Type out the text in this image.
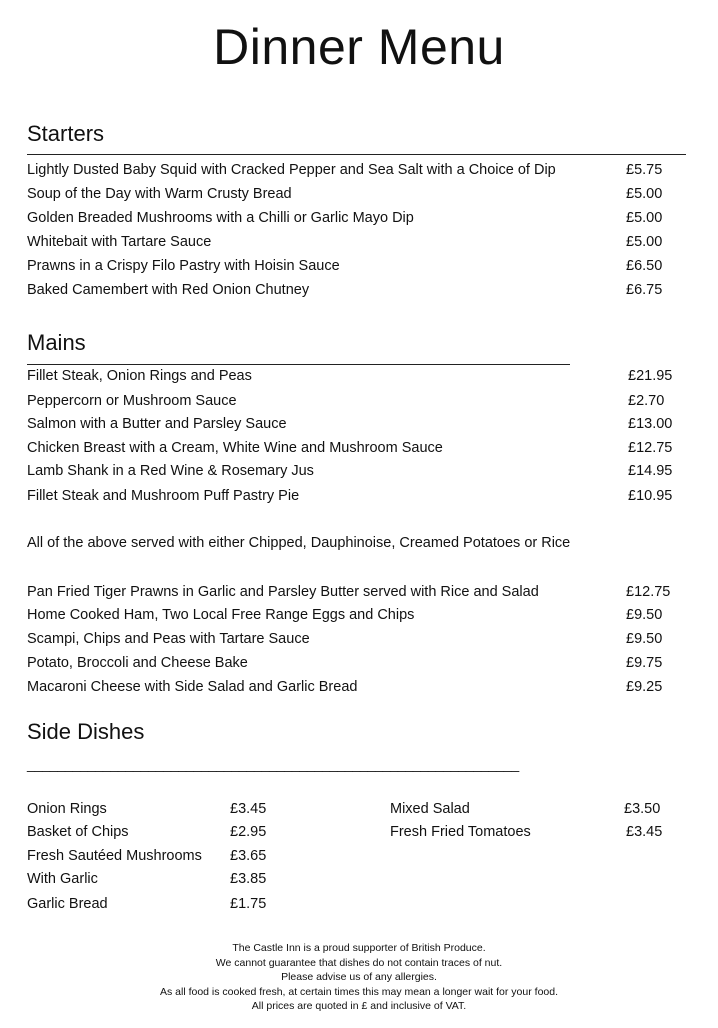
Dinner Menu
Starters
Lightly Dusted Baby Squid with Cracked Pepper and Sea Salt with a Choice of Dip	£5.75
Soup of the Day with Warm Crusty Bread	£5.00
Golden Breaded Mushrooms with a Chilli or Garlic Mayo Dip	£5.00
Whitebait with Tartare Sauce	£5.00
Prawns in a Crispy Filo Pastry with Hoisin Sauce	£6.50
Baked Camembert with Red Onion Chutney	£6.75
Mains
Fillet Steak, Onion Rings and Peas	£21.95
Peppercorn or Mushroom Sauce	£2.70
Salmon with a Butter and Parsley Sauce	£13.00
Chicken Breast with a Cream, White Wine and Mushroom Sauce	£12.75
Lamb Shank in a Red Wine & Rosemary Jus	£14.95
Fillet Steak and Mushroom Puff Pastry Pie	£10.95
All of the above served with either Chipped, Dauphinoise, Creamed Potatoes or Rice
Pan Fried Tiger Prawns in Garlic and Parsley Butter served with Rice and Salad	£12.75
Home Cooked Ham, Two Local Free Range Eggs and Chips	£9.50
Scampi, Chips and Peas with Tartare Sauce	£9.50
Potato, Broccoli and Cheese Bake	£9.75
Macaroni Cheese with Side Salad and Garlic Bread	£9.25
Side Dishes
_________________________________________________________________
Onion Rings	£3.45
Basket of Chips	£2.95
Fresh Sautéed Mushrooms £3.65
With Garlic	£3.85
Garlic Bread	£1.75
Mixed Salad	£3.50
Fresh Fried Tomatoes	£3.45
The Castle Inn is a proud supporter of British Produce.
We cannot guarantee that dishes do not contain traces of nut.
Please advise us of any allergies.
As all food is cooked fresh, at certain times this may mean a longer wait for your food.
All prices are quoted in £ and inclusive of VAT.
